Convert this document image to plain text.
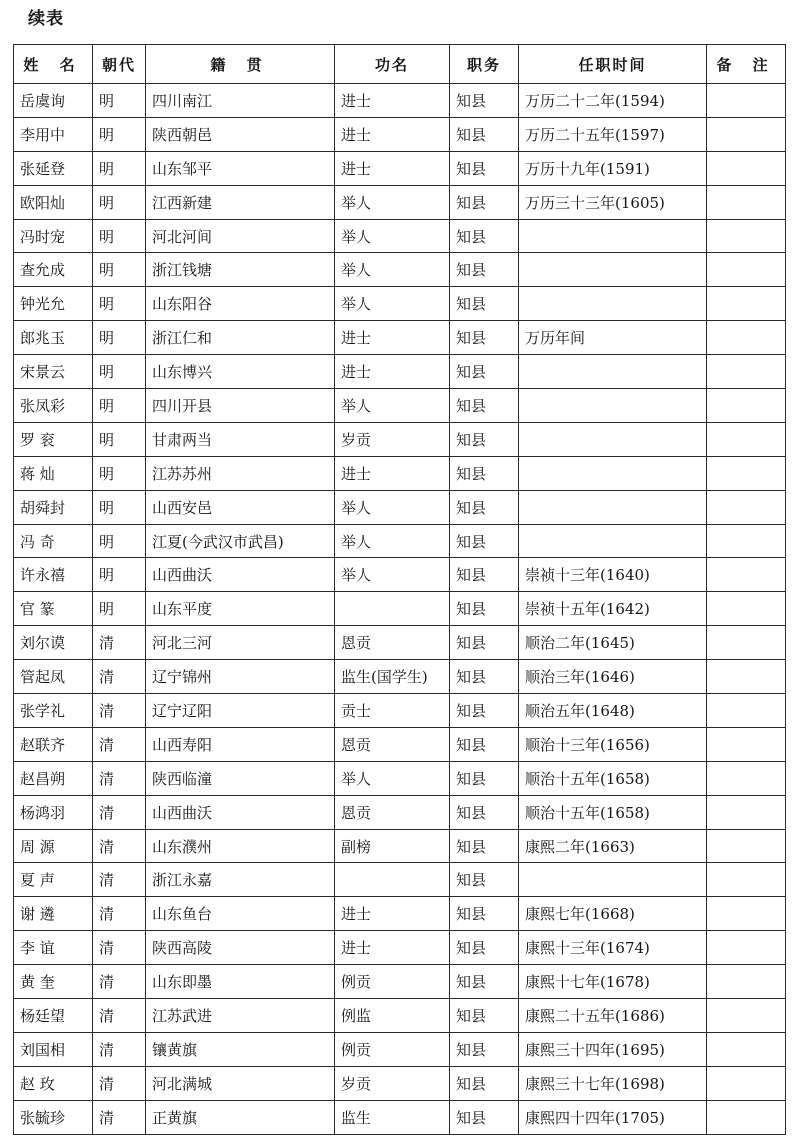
续表
姓 名	朝代	籍 贯	功名	职务	任职时间	备 注
岳虞询	明	四川南江	进士	知县	万历二十二年(1594)	
李用中	明	陕西朝邑	进士	知县	万历二十五年(1597)	
张延登	明	山东邹平	进士	知县	万历十九年(1591)	
欧阳灿	明	江西新建	举人	知县	万历三十三年(1605)	
冯时宠	明	河北河间	举人	知县		
查允成	明	浙江钱塘	举人	知县		
钟光允	明	山东阳谷	举人	知县		
郎兆玉	明	浙江仁和	进士	知县	万历年间	
宋景云	明	山东博兴	进士	知县		
张凤彩	明	四川开县	举人	知县		
罗 衮	明	甘肃两当	岁贡	知县		
蒋 灿	明	江苏苏州	进士	知县		
胡舜封	明	山西安邑	举人	知县		
冯 奇	明	江夏(今武汉市武昌)	举人	知县		
许永禧	明	山西曲沃	举人	知县	崇祯十三年(1640)	
官 篆	明	山东平度		知县	崇祯十五年(1642)	
刘尔谟	清	河北三河	恩贡	知县	顺治二年(1645)	
管起凤	清	辽宁锦州	监生(国学生)	知县	顺治三年(1646)	
张学礼	清	辽宁辽阳	贡士	知县	顺治五年(1648)	
赵联齐	清	山西寿阳	恩贡	知县	顺治十三年(1656)	
赵昌朔	清	陕西临潼	举人	知县	顺治十五年(1658)	
杨鸿羽	清	山西曲沃	恩贡	知县	顺治十五年(1658)	
周 源	清	山东濮州	副榜	知县	康熙二年(1663)	
夏 声	清	浙江永嘉		知县		
谢 遴	清	山东鱼台	进士	知县	康熙七年(1668)	
李 谊	清	陕西高陵	进士	知县	康熙十三年(1674)	
黄 奎	清	山东即墨	例贡	知县	康熙十七年(1678)	
杨廷望	清	江苏武进	例监	知县	康熙二十五年(1686)	
刘国相	清	镶黄旗	例贡	知县	康熙三十四年(1695)	
赵 玫	清	河北满城	岁贡	知县	康熙三十七年(1698)	
张毓珍	清	正黄旗	监生	知县	康熙四十四年(1705)	
